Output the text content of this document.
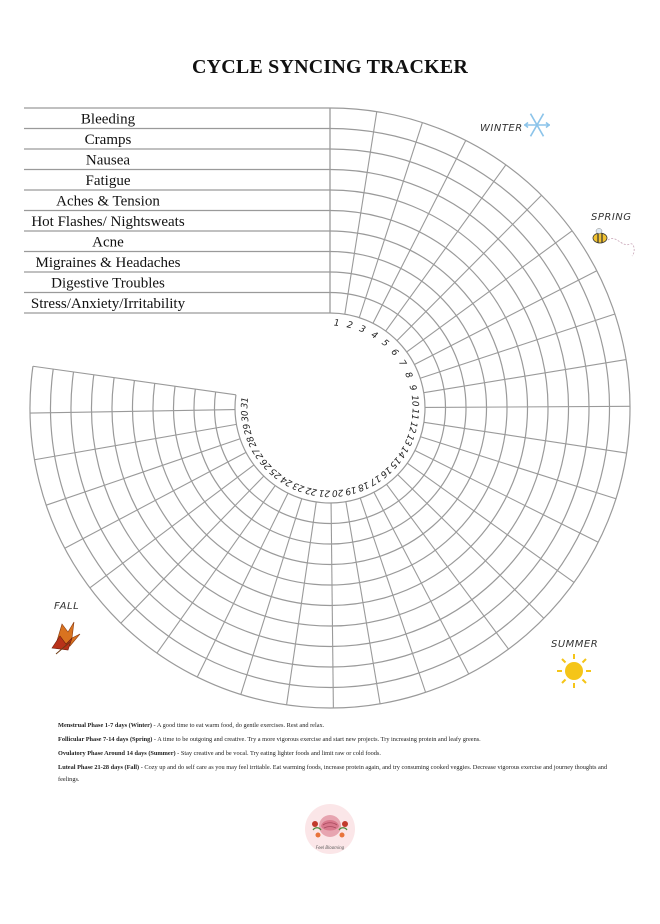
CYCLE SYNCING TRACKER
Bleeding
Cramps
Nausea
Fatigue
Aches & Tension
Hot Flashes/ Nightsweats
Acne
Migraines & Headaches
Digestive Troubles
Stress/Anxiety/Irritability
1 2 3
4
5
6
7
8
9
10
11
12
13
14
15
16
17
18
19
20
21
22
23
24
25
26
27
28
29
30
31
WINTER
SPRING
SUMMER
FALL

Menstrual Phase 1-7 days (Winter) - A good time to eat warm food, do gentle exercises. Rest and relax.

Follicular Phase 7-14 days (Spring) - A time to be outgoing and creative. Try a more vigorous exercise and start new projects. Try increasing protein and leafy greens.

Ovulatory Phase Around 14 days (Summer) - Stay creative and be vocal. Try eating lighter foods and limit raw or cold foods.

Luteal Phase 21-28 days (Fall) - Cozy up and do self care as you may feel irritable. Eat warming foods, increase protein again, and try consuming cooked veggies. Decrease vigorous exercise and journey thoughts and feelings.

Feel Blooming
